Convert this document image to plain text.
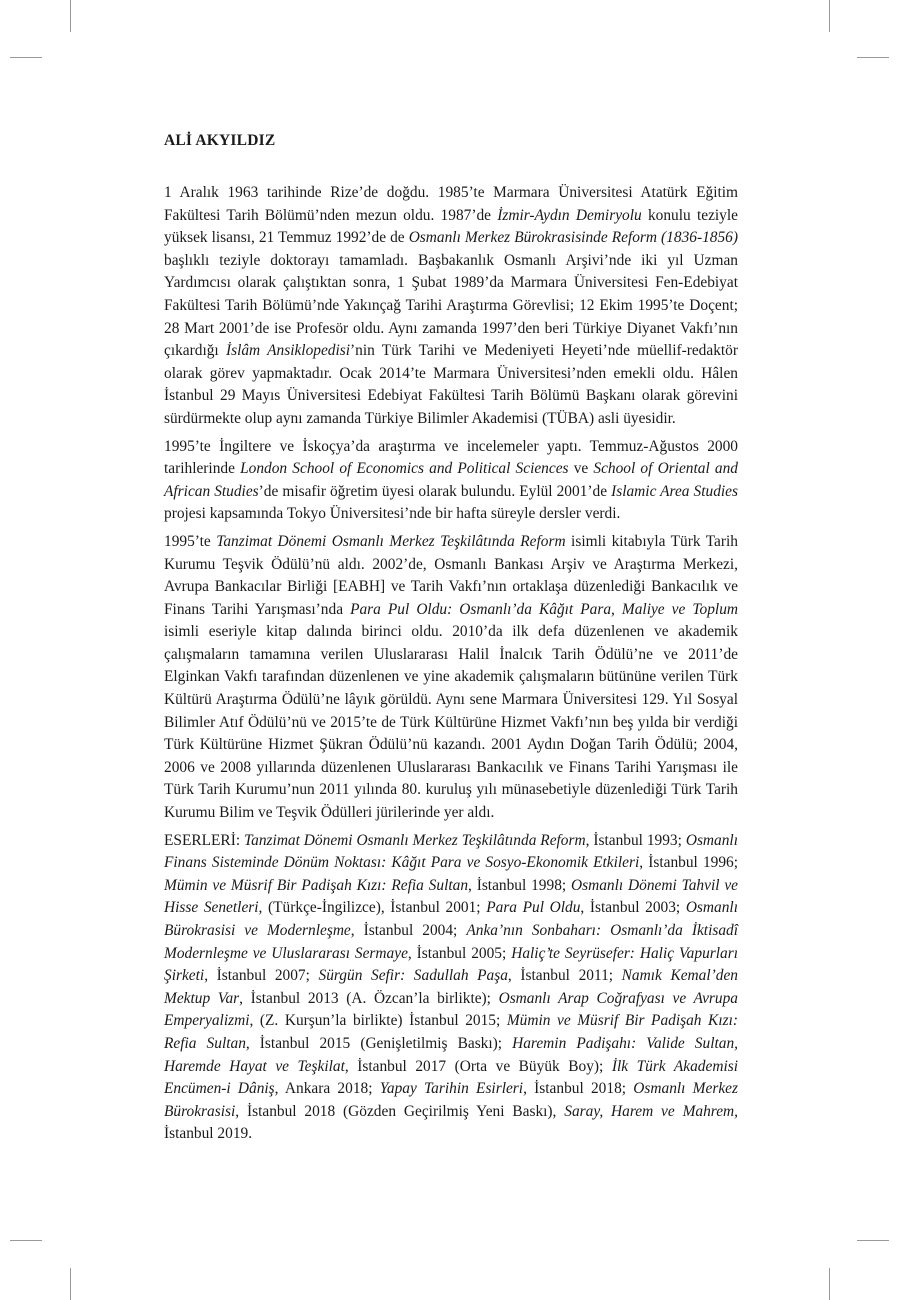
ALİ AKYILDIZ

1 Aralık 1963 tarihinde Rize’de doğdu. 1985’te Marmara Üniversitesi Atatürk Eğitim Fakültesi Tarih Bölümü’nden mezun oldu. 1987’de İzmir-Aydın Demiryolu konulu teziyle yüksek lisansı, 21 Temmuz 1992’de de Osmanlı Merkez Bürokrasisinde Reform (1836-1856) başlıklı teziyle doktorayı tamamladı. Başbakanlık Osmanlı Arşivi’nde iki yıl Uzman Yardımcısı olarak çalıştıktan sonra, 1 Şubat 1989’da Marmara Üniversitesi Fen-Edebiyat Fakültesi Tarih Bölümü’nde Yakınçağ Tarihi Araştırma Görevlisi; 12 Ekim 1995’te Doçent; 28 Mart 2001’de ise Profesör oldu. Aynı zamanda 1997’den beri Türkiye Diyanet Vakfı’nın çıkardığı İslâm Ansiklopedisi’nin Türk Tarihi ve Medeniyeti Heyeti’nde müellif-redaktör olarak görev yapmaktadır. Ocak 2014’te Marmara Üniversitesi’nden emekli oldu. Hâlen İstanbul 29 Mayıs Üniversitesi Edebiyat Fakültesi Tarih Bölümü Başkanı olarak görevini sürdürmekte olup aynı zamanda Türkiye Bilimler Akademisi (TÜBA) asli üyesidir.

1995’te İngiltere ve İskoçya’da araştırma ve incelemeler yaptı. Temmuz-Ağustos 2000 tarihlerinde London School of Economics and Political Sciences ve School of Oriental and African Studies’de misafir öğretim üyesi olarak bulundu. Eylül 2001’de Islamic Area Studies projesi kapsamında Tokyo Üniversitesi’nde bir hafta süreyle dersler verdi.

1995’te Tanzimat Dönemi Osmanlı Merkez Teşkilâtında Reform isimli kitabıyla Türk Tarih Kurumu Teşvik Ödülü’nü aldı. 2002’de, Osmanlı Bankası Arşiv ve Araştırma Merkezi, Avrupa Bankacılar Birliği [EABH] ve Tarih Vakfı’nın ortaklaşa düzenlediği Bankacılık ve Finans Tarihi Yarışması’nda Para Pul Oldu: Osmanlı’da Kâğıt Para, Maliye ve Toplum isimli eseriyle kitap dalında birinci oldu. 2010’da ilk defa düzenlenen ve akademik çalışmaların tamamına verilen Uluslararası Halil İnalcık Tarih Ödülü’ne ve 2011’de Elginkan Vakfı tarafından düzenlenen ve yine akademik çalışmaların bütününe verilen Türk Kültürü Araştırma Ödülü’ne lâyık görüldü. Aynı sene Marmara Üniversitesi 129. Yıl Sosyal Bilimler Atıf Ödülü’nü ve 2015’te de Türk Kültürüne Hizmet Vakfı’nın beş yılda bir verdiği Türk Kültürüne Hizmet Şükran Ödülü’nü kazandı. 2001 Aydın Doğan Tarih Ödülü; 2004, 2006 ve 2008 yıllarında düzenlenen Uluslararası Bankacılık ve Finans Tarihi Yarışması ile Türk Tarih Kurumu’nun 2011 yılında 80. kuruluş yılı münasebetiyle düzenlediği Türk Tarih Kurumu Bilim ve Teşvik Ödülleri jürilerinde yer aldı.

ESERLERİ: Tanzimat Dönemi Osmanlı Merkez Teşkilâtında Reform, İstanbul 1993; Osmanlı Finans Sisteminde Dönüm Noktası: Kâğıt Para ve Sosyo-Ekonomik Etkileri, İstanbul 1996; Mümin ve Müsrif Bir Padişah Kızı: Refia Sultan, İstanbul 1998; Osmanlı Dönemi Tahvil ve Hisse Senetleri, (Türkçe-İngilizce), İstanbul 2001; Para Pul Oldu, İstanbul 2003; Osmanlı Bürokrasisi ve Modernleşme, İstanbul 2004; Anka’nın Sonbaharı: Osmanlı’da İktisadî Modernleşme ve Uluslararası Sermaye, İstanbul 2005; Haliç’te Seyrüsefer: Haliç Vapurları Şirketi, İstanbul 2007; Sürgün Sefir: Sadullah Paşa, İstanbul 2011; Namık Kemal’den Mektup Var, İstanbul 2013 (A. Özcan’la birlikte); Osmanlı Arap Coğrafyası ve Avrupa Emperyalizmi, (Z. Kurşun’la birlikte) İstanbul 2015; Mümin ve Müsrif Bir Padişah Kızı: Refia Sultan, İstanbul 2015 (Genişletilmiş Baskı); Haremin Padişahı: Valide Sultan, Haremde Hayat ve Teşkilat, İstanbul 2017 (Orta ve Büyük Boy); İlk Türk Akademisi Encümen-i Dâniş, Ankara 2018; Yapay Tarihin Esirleri, İstanbul 2018; Osmanlı Merkez Bürokrasisi, İstanbul 2018 (Gözden Geçirilmiş Yeni Baskı), Saray, Harem ve Mahrem, İstanbul 2019.
